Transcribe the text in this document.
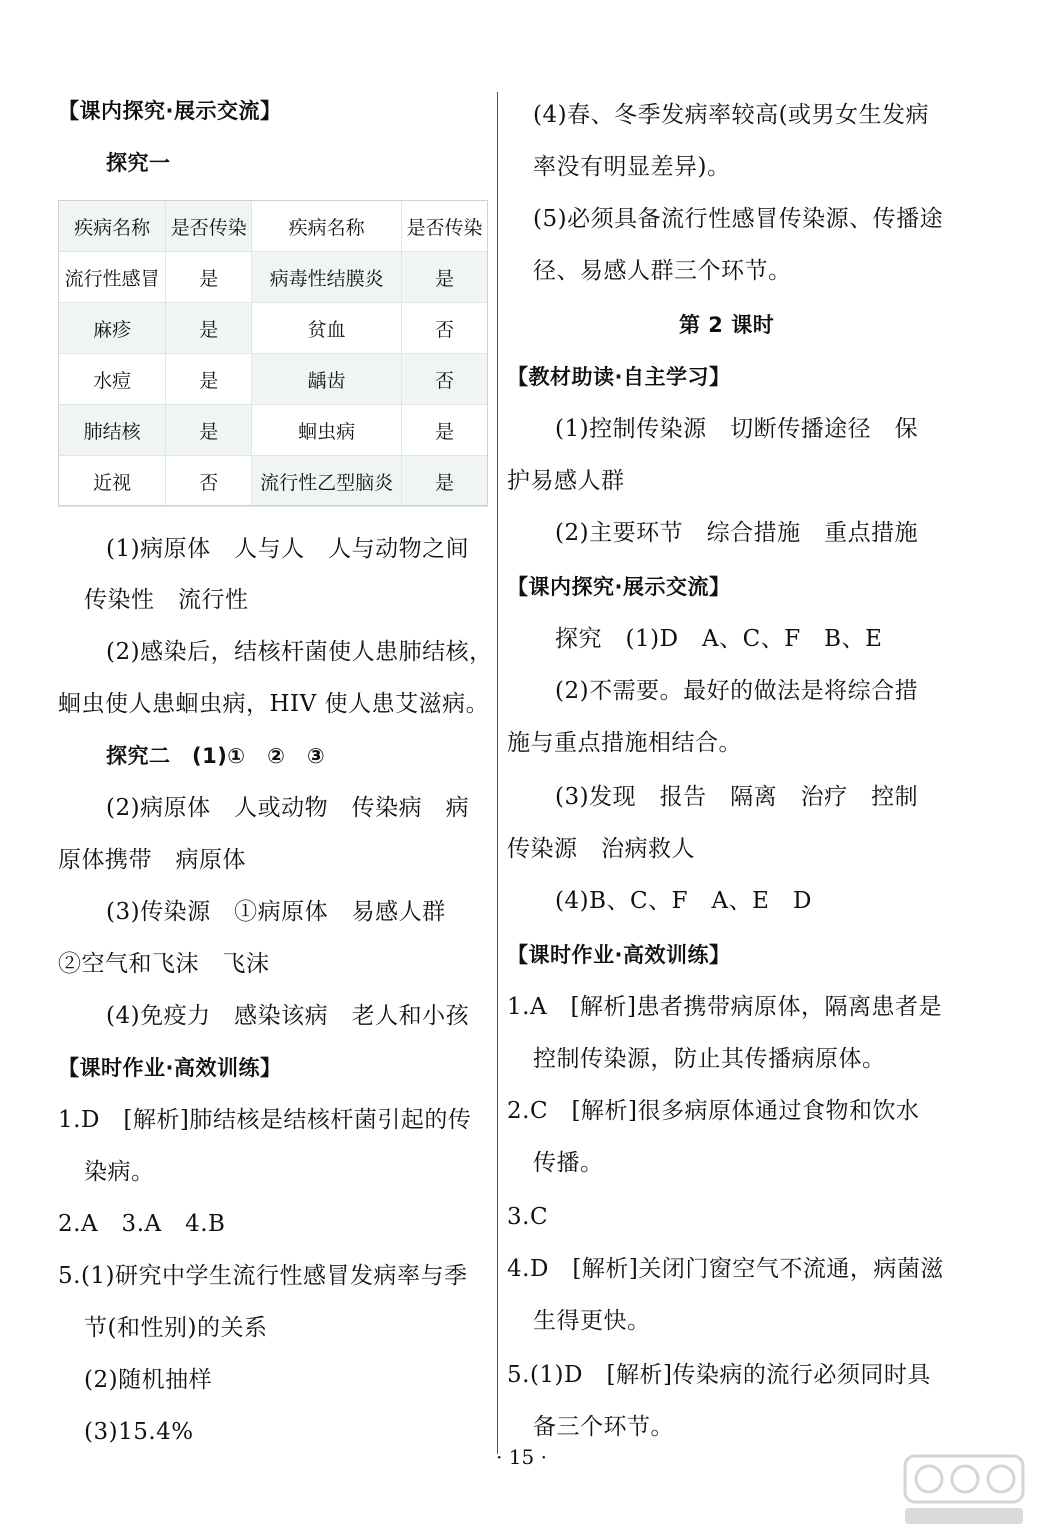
【课内探究·展示交流】
探究一
疾病名称	是否传染	疾病名称	是否传染
流行性感冒	是	病毒性结膜炎	是
麻疹	是	贫血	否
水痘	是	龋齿	否
肺结核	是	蛔虫病	是
近视	否	流行性乙型脑炎	是
(1)病原体　人与人　人与动物之间
传染性　流行性
(2)感染后，结核杆菌使人患肺结核，
蛔虫使人患蛔虫病，HIV 使人患艾滋病。
探究二　(1)①　②　③
(2)病原体　人或动物　传染病　病
原体携带　病原体
(3)传染源　①病原体　易感人群
②空气和飞沫　飞沫
(4)免疫力　感染该病　老人和小孩
【课时作业·高效训练】
1.D　[解析]肺结核是结核杆菌引起的传
染病。
2.A　3.A　4.B
5.(1)研究中学生流行性感冒发病率与季
节(和性别)的关系
(2)随机抽样
(3)15.4%
(4)春、冬季发病率较高(或男女生发病
率没有明显差异)。
(5)必须具备流行性感冒传染源、传播途
径、易感人群三个环节。
第 2 课时
【教材助读·自主学习】
(1)控制传染源　切断传播途径　保
护易感人群
(2)主要环节　综合措施　重点措施
【课内探究·展示交流】
探究　(1)D　A、C、F　B、E
(2)不需要。最好的做法是将综合措
施与重点措施相结合。
(3)发现　报告　隔离　治疗　控制
传染源　治病救人
(4)B、C、F　A、E　D
【课时作业·高效训练】
1.A　[解析]患者携带病原体，隔离患者是
控制传染源，防止其传播病原体。
2.C　[解析]很多病原体通过食物和饮水
传播。
3.C
4.D　[解析]关闭门窗空气不流通，病菌滋
生得更快。
5.(1)D　[解析]传染病的流行必须同时具
备三个环节。
· 15 ·
